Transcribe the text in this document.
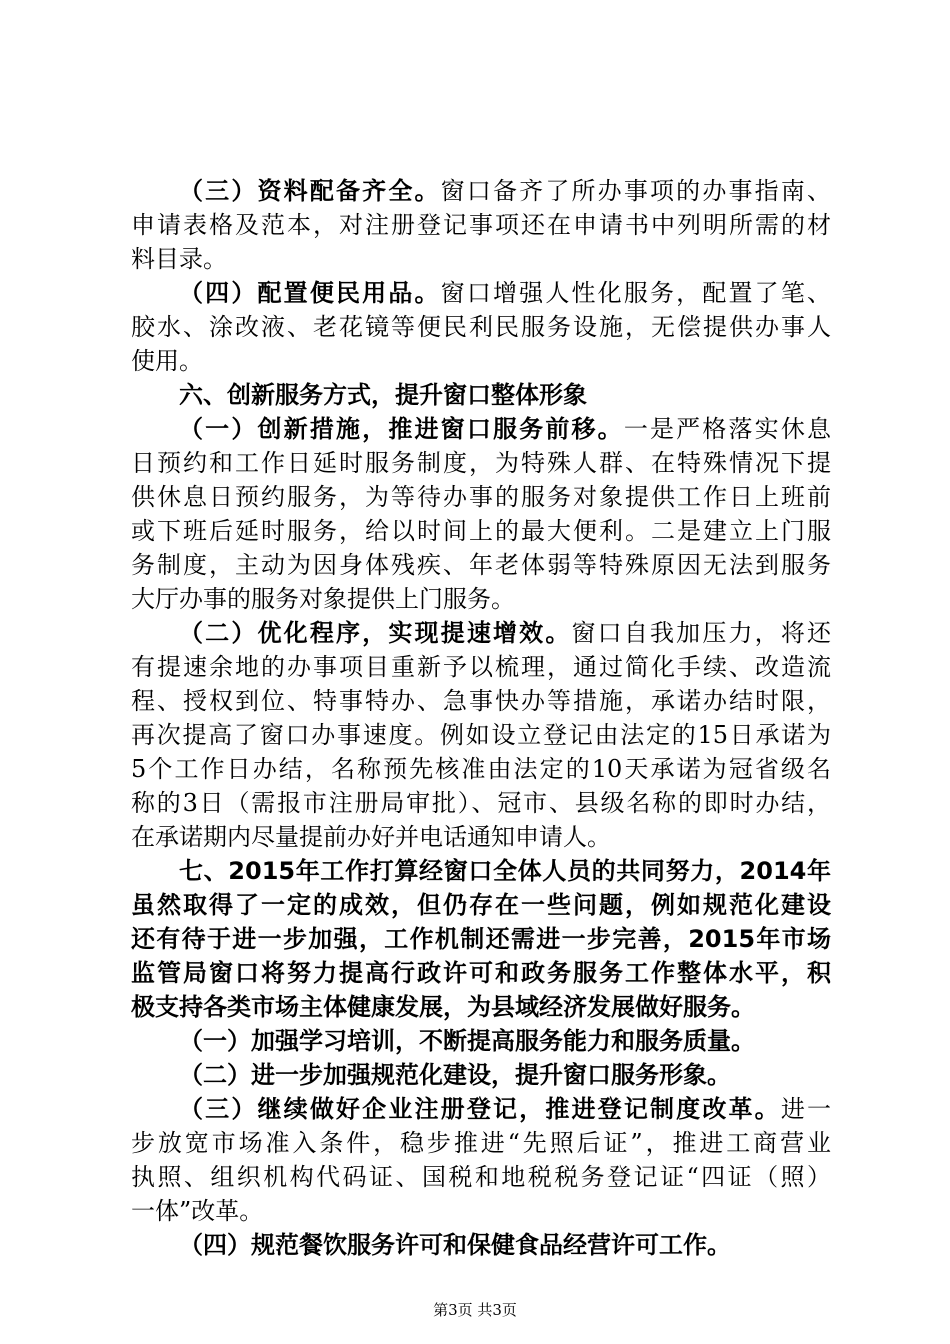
（三）资料配备齐全。窗口备齐了所办事项的办事指南、
申请表格及范本，对注册登记事项还在申请书中列明所需的材
料目录。
（四）配置便民用品。窗口增强人性化服务，配置了笔、
胶水、涂改液、老花镜等便民利民服务设施，无偿提供办事人
使用。
六、创新服务方式，提升窗口整体形象
（一）创新措施，推进窗口服务前移。一是严格落实休息
日预约和工作日延时服务制度，为特殊人群、在特殊情况下提
供休息日预约服务，为等待办事的服务对象提供工作日上班前
或下班后延时服务，给以时间上的最大便利。二是建立上门服
务制度，主动为因身体残疾、年老体弱等特殊原因无法到服务
大厅办事的服务对象提供上门服务。
（二）优化程序，实现提速增效。窗口自我加压力，将还
有提速余地的办事项目重新予以梳理，通过简化手续、改造流
程、授权到位、特事特办、急事快办等措施，承诺办结时限，
再次提高了窗口办事速度。例如设立登记由法定的15日承诺为
5个工作日办结，名称预先核准由法定的10天承诺为冠省级名
称的3日（需报市注册局审批）、冠市、县级名称的即时办结，
在承诺期内尽量提前办好并电话通知申请人。
七、2015年工作打算经窗口全体人员的共同努力，2014年
虽然取得了一定的成效，但仍存在一些问题，例如规范化建设
还有待于进一步加强，工作机制还需进一步完善，2015年市场
监管局窗口将努力提高行政许可和政务服务工作整体水平，积
极支持各类市场主体健康发展，为县域经济发展做好服务。
（一）加强学习培训，不断提高服务能力和服务质量。
（二）进一步加强规范化建设，提升窗口服务形象。
（三）继续做好企业注册登记，推进登记制度改革。进一
步放宽市场准入条件，稳步推进“先照后证”，推进工商营业
执照、组织机构代码证、国税和地税税务登记证“四证（照）
一体”改革。
（四）规范餐饮服务许可和保健食品经营许可工作。
第3页 共3页
